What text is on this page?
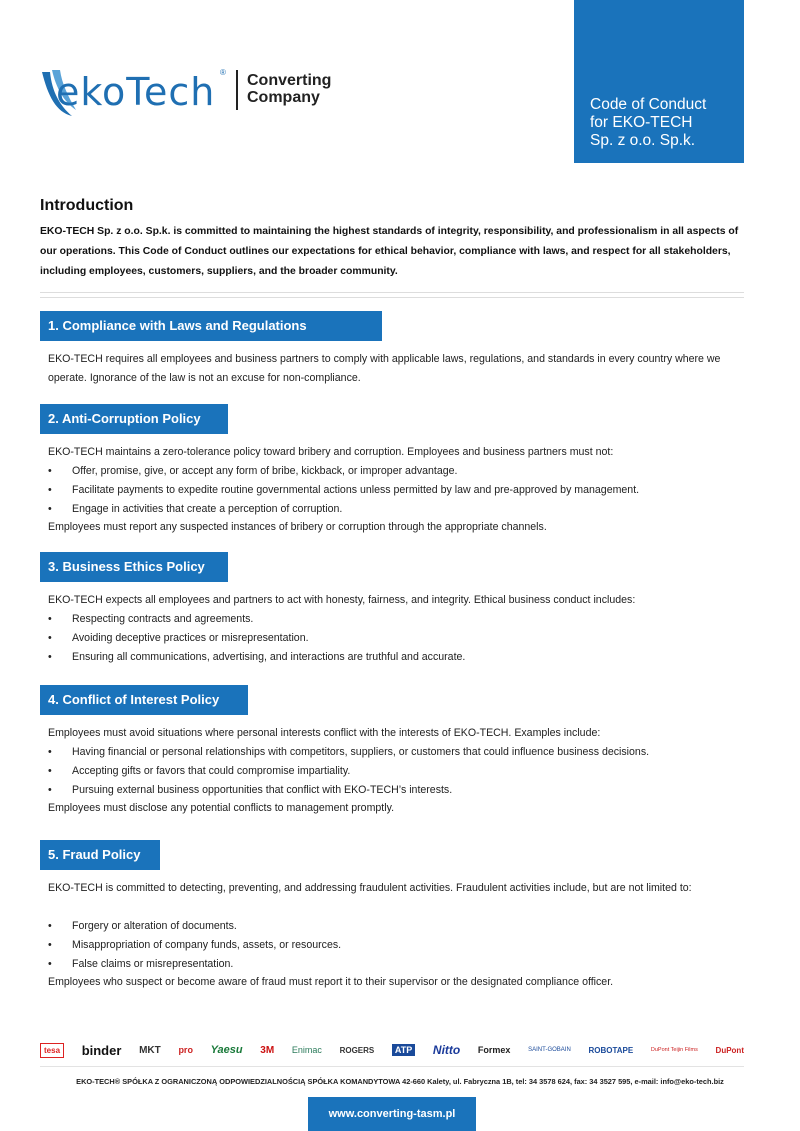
Code of Conduct
for EKO-TECH
Sp. z o.o. Sp.k.
ekoTech ® Converting
Company
Introduction
EKO-TECH Sp. z o.o. Sp.k. is committed to maintaining the highest standards of integrity, responsibility, and professionalism in all aspects of our operations. This Code of Conduct outlines our expectations for ethical behavior, compliance with laws, and respect for all stakeholders, including employees, customers, suppliers, and the broader community.
1. Compliance with Laws and Regulations
EKO-TECH requires all employees and business partners to comply with applicable laws, regulations, and standards in every country where we operate. Ignorance of the law is not an excuse for non-compliance.
2. Anti-Corruption Policy
EKO-TECH maintains a zero-tolerance policy toward bribery and corruption. Employees and business partners must not:
• Offer, promise, give, or accept any form of bribe, kickback, or improper advantage.
• Facilitate payments to expedite routine governmental actions unless permitted by law and pre-approved by management.
• Engage in activities that create a perception of corruption.
Employees must report any suspected instances of bribery or corruption through the appropriate channels.
3. Business Ethics Policy
EKO-TECH expects all employees and partners to act with honesty, fairness, and integrity. Ethical business conduct includes:
• Respecting contracts and agreements.
• Avoiding deceptive practices or misrepresentation.
• Ensuring all communications, advertising, and interactions are truthful and accurate.
4. Conflict of Interest Policy
Employees must avoid situations where personal interests conflict with the interests of EKO-TECH. Examples include:
• Having financial or personal relationships with competitors, suppliers, or customers that could influence business decisions.
• Accepting gifts or favors that could compromise impartiality.
• Pursuing external business opportunities that conflict with EKO-TECH’s interests.
Employees must disclose any potential conflicts to management promptly.
5. Fraud Policy
EKO-TECH is committed to detecting, preventing, and addressing fraudulent activities. Fraudulent activities include, but are not limited to:
• Forgery or alteration of documents.
• Misappropriation of company funds, assets, or resources.
• False claims or misrepresentation.
Employees who suspect or become aware of fraud must report it to their supervisor or the designated compliance officer.
tesa	binder MKT pro Yaesu 3M Enimac ROGERS	ATP Nitto Formex	SAINT-GOBAIN ROBOTAPE	DuPont Teijin Films DuPont
EKO-TECH® SPÓŁKA Z OGRANICZONĄ ODPOWIEDZIALNOŚCIĄ SPÓŁKA KOMANDYTOWA 42-660 Kalety, ul. Fabryczna 1B, tel: 34 3578 624, fax: 34 3527 595, e-mail: info@eko-tech.biz
www.converting-tasm.pl
